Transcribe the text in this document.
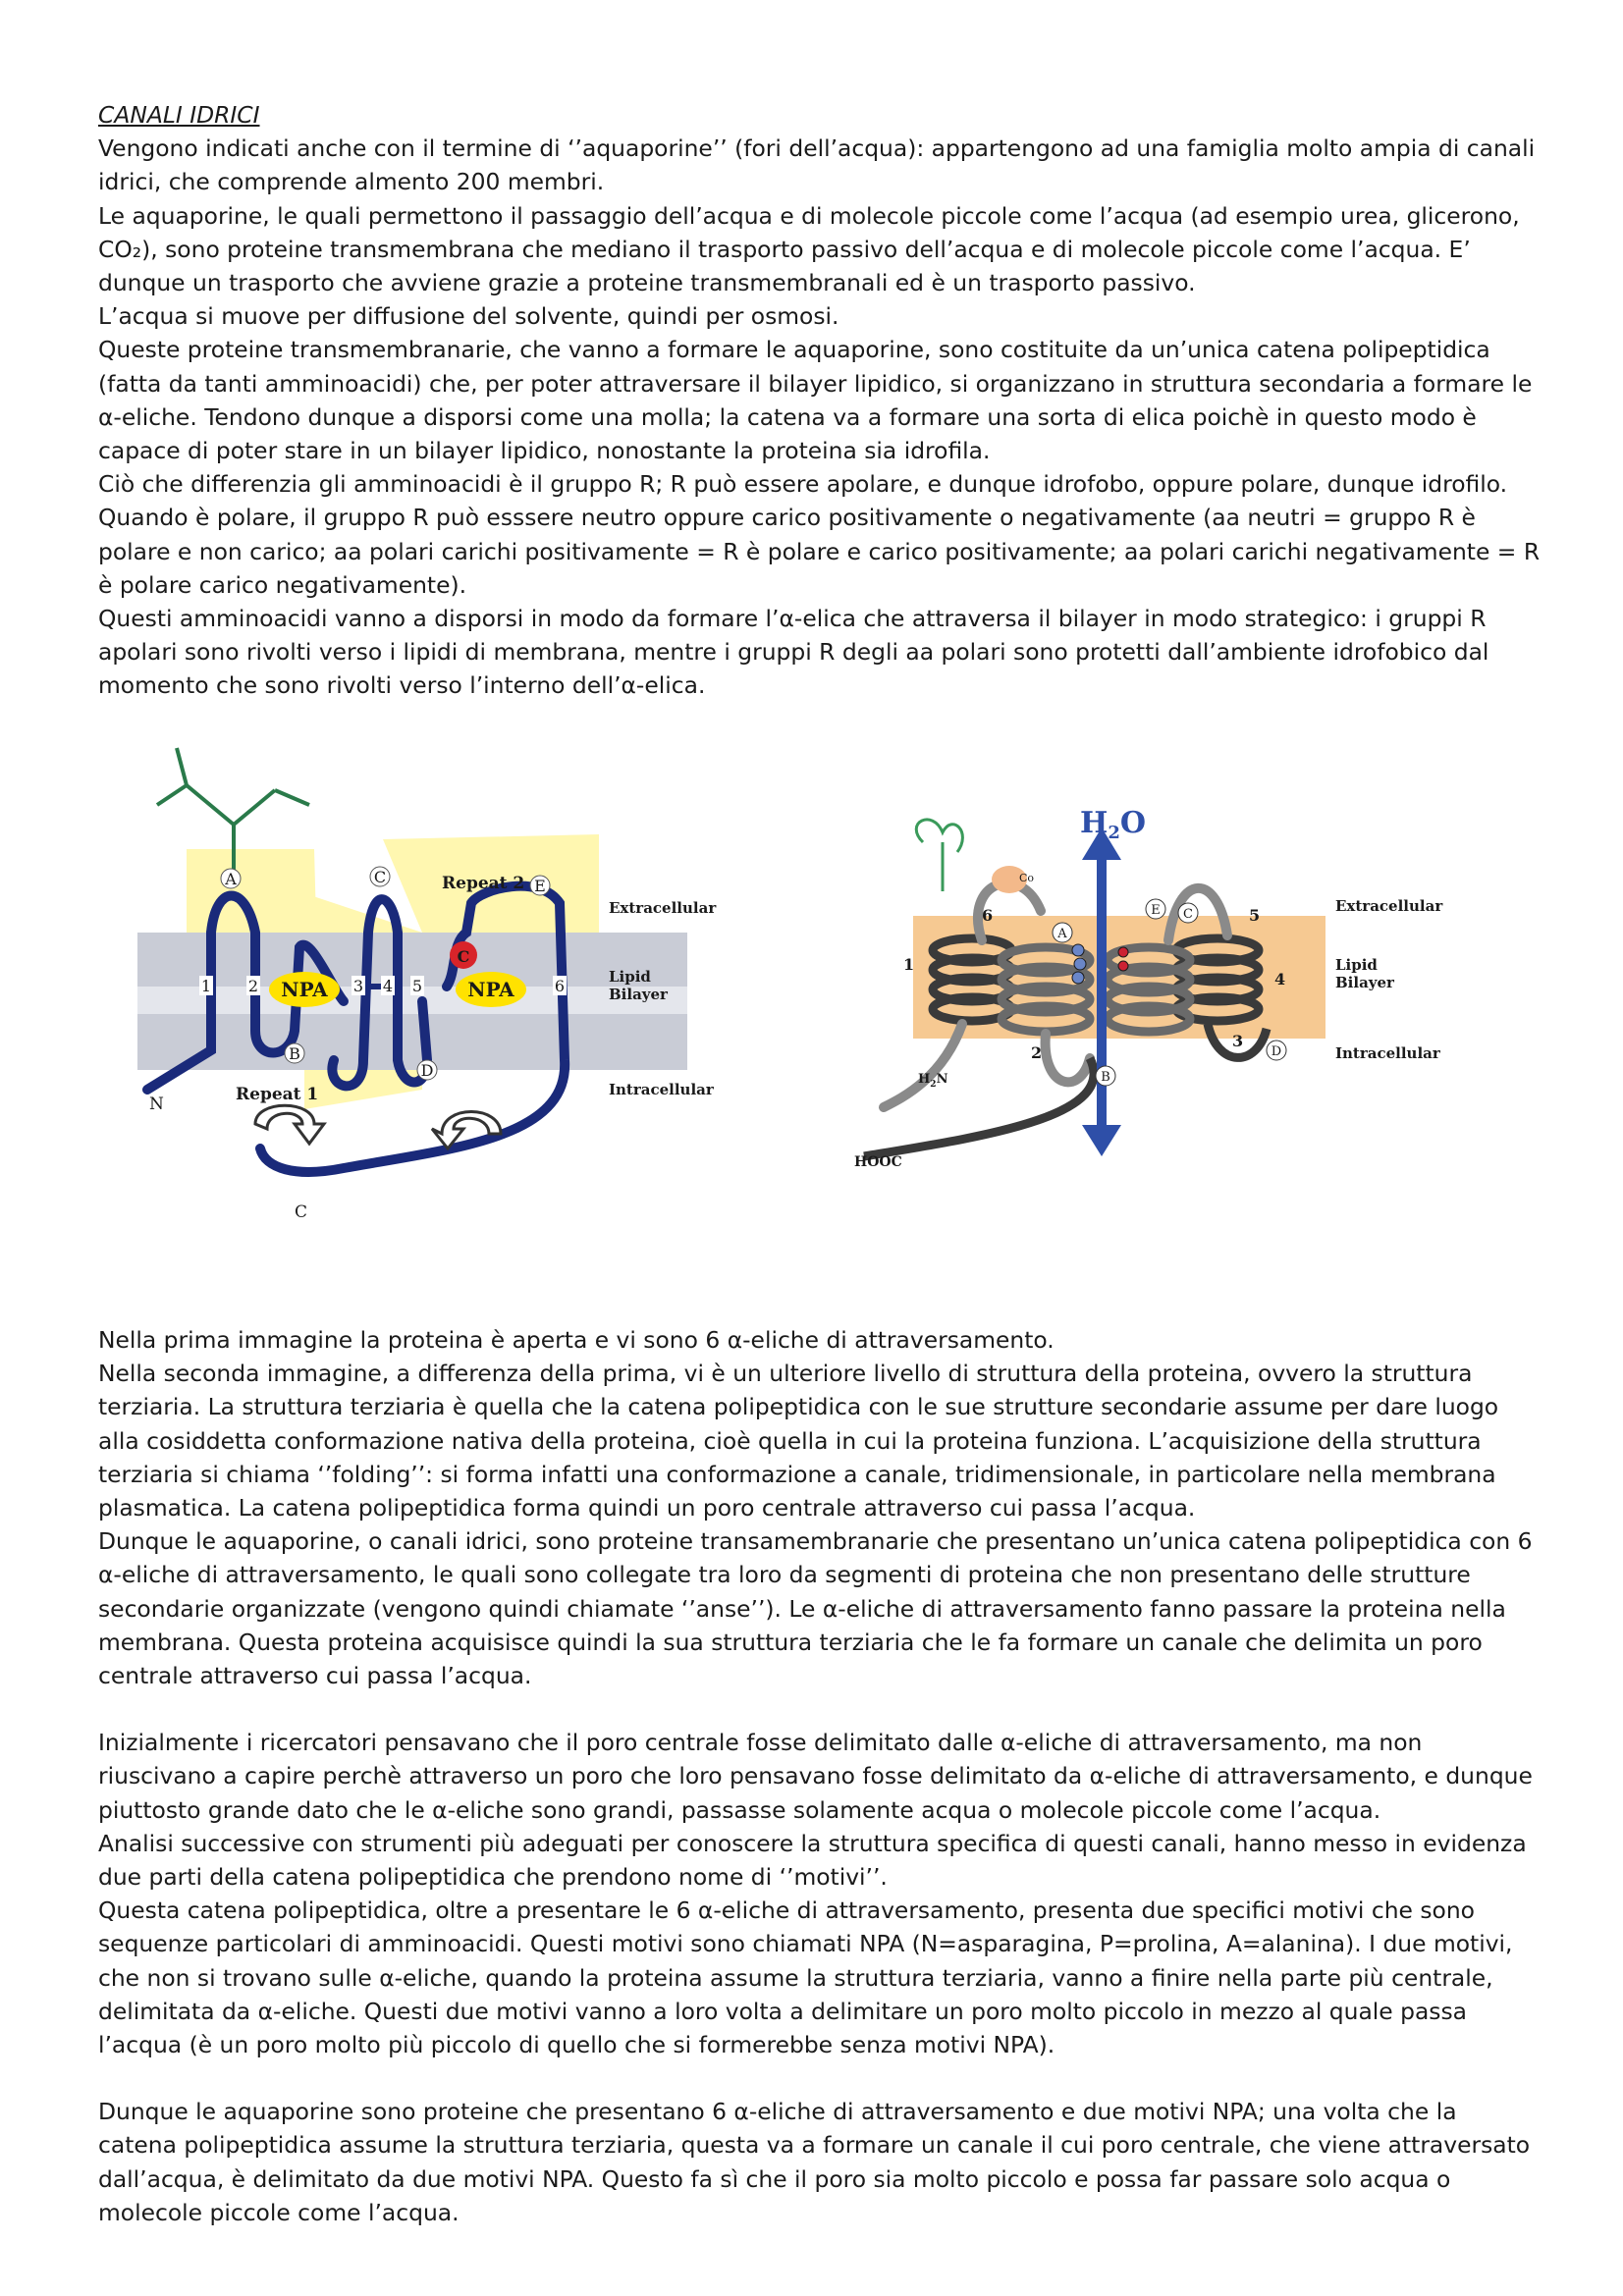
CANALI IDRICI

Vengono indicati anche con il termine di ‘’aquaporine’’ (fori dell’acqua): appartengono ad una famiglia molto ampia di canali idrici, che comprende almento 200 membri.

Le aquaporine, le quali permettono il passaggio dell’acqua e di molecole piccole come l’acqua (ad esempio urea, glicerono, CO₂), sono proteine transmembrana che mediano il trasporto passivo dell’acqua e di molecole piccole come l’acqua. E’ dunque un trasporto che avviene grazie a proteine transmembranali ed è un trasporto passivo.

L’acqua si muove per diffusione del solvente, quindi per osmosi.

Queste proteine transmembranarie, che vanno a formare le aquaporine, sono costituite da un’unica catena polipeptidica (fatta da tanti amminoacidi) che, per poter attraversare il bilayer lipidico, si organizzano in struttura secondaria a formare le α-eliche. Tendono dunque a disporsi come una molla; la catena va a formare una sorta di elica poichè in questo modo è capace di poter stare in un bilayer lipidico, nonostante la proteina sia idrofila.

Ciò che differenzia gli amminoacidi è il gruppo R; R può essere apolare, e dunque idrofobo, oppure polare, dunque idrofilo. Quando è polare, il gruppo R può esssere neutro oppure carico positivamente o negativamente (aa neutri = gruppo R è polare e non carico; aa polari carichi positivamente = R è polare e carico positivamente; aa polari carichi negativamente = R è polare carico negativamente).

Questi amminoacidi vanno a disporsi in modo da formare l’α-elica che attraversa il bilayer in modo strategico: i gruppi R apolari sono rivolti verso i lipidi di membrana, mentre i gruppi R degli aa polari sono protetti dall’ambiente idrofobico dal momento che sono rivolti verso l’interno dell’α-elica.

NPA	NPA
C
A
B
C
D
E
1 2	3 4 5	6
Repeat 2
Repeat 1
Extracellular
Lipid
Bilayer
Intracellular
N
C
Co
$H_2O$
A
B
C
D
E
1
2
3
4
5
6	Extracellular
Lipid
Bilayer
Intracellular
$H_2N$
HOOC

Nella prima immagine la proteina è aperta e vi sono 6 α-eliche di attraversamento.

Nella seconda immagine, a differenza della prima, vi è un ulteriore livello di struttura della proteina, ovvero la struttura terziaria. La struttura terziaria è quella che la catena polipeptidica con le sue strutture secondarie assume per dare luogo alla cosiddetta conformazione nativa della proteina, cioè quella in cui la proteina funziona. L’acquisizione della struttura terziaria si chiama ‘’folding’’: si forma infatti una conformazione a canale, tridimensionale, in particolare nella membrana plasmatica. La catena polipeptidica forma quindi un poro centrale attraverso cui passa l’acqua.

Dunque le aquaporine, o canali idrici, sono proteine transamembranarie che presentano un’unica catena polipeptidica con 6 α-eliche di attraversamento, le quali sono collegate tra loro da segmenti di proteina che non presentano delle strutture secondarie organizzate (vengono quindi chiamate ‘’anse’’). Le α-eliche di attraversamento fanno passare la proteina nella membrana. Questa proteina acquisisce quindi la sua struttura terziaria che le fa formare un canale che delimita un poro centrale attraverso cui passa l’acqua.

Inizialmente i ricercatori pensavano che il poro centrale fosse delimitato dalle α-eliche di attraversamento, ma non riuscivano a capire perchè attraverso un poro che loro pensavano fosse delimitato da α-eliche di attraversamento, e dunque piuttosto grande dato che le α-eliche sono grandi, passasse solamente acqua o molecole piccole come l’acqua.

Analisi successive con strumenti più adeguati per conoscere la struttura specifica di questi canali, hanno messo in evidenza due parti della catena polipeptidica che prendono nome di ‘’motivi’’.

Questa catena polipeptidica, oltre a presentare le 6 α-eliche di attraversamento, presenta due specifici motivi che sono sequenze particolari di amminoacidi. Questi motivi sono chiamati NPA (N=asparagina, P=prolina, A=alanina). I due motivi, che non si trovano sulle α-eliche, quando la proteina assume la struttura terziaria, vanno a finire nella parte più centrale, delimitata da α-eliche. Questi due motivi vanno a loro volta a delimitare un poro molto piccolo in mezzo al quale passa l’acqua (è un poro molto più piccolo di quello che si formerebbe senza motivi NPA).

Dunque le aquaporine sono proteine che presentano 6 α-eliche di attraversamento e due motivi NPA; una volta che la catena polipeptidica assume la struttura terziaria, questa va a formare un canale il cui poro centrale, che viene attraversato dall’acqua, è delimitato da due motivi NPA. Questo fa sì che il poro sia molto piccolo e possa far passare solo acqua o molecole piccole come l’acqua.
